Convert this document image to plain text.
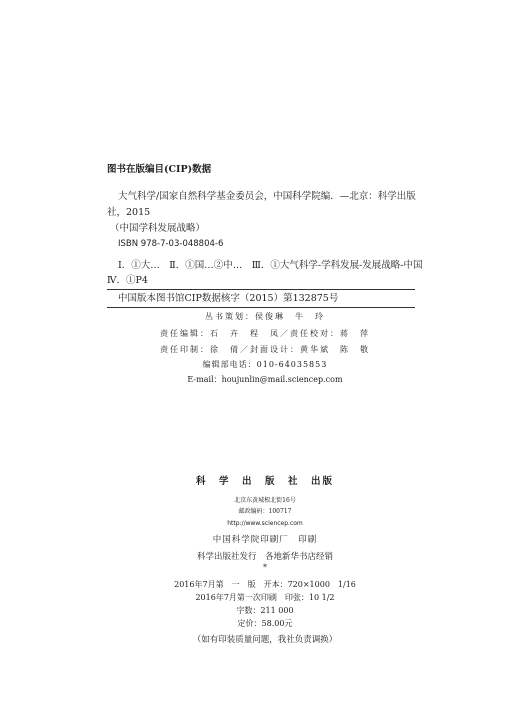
图书在版编目(CIP)数据
大气科学/国家自然科学基金委员会，中国科学院编．—北京：科学出版
社，2015
（中国学科发展战略）
ISBN 978-7-03-048804-6
Ⅰ．①大…　Ⅱ．①国…②中…　Ⅲ．①大气科学-学科发展-发展战略-中国
Ⅳ．①P4
中国版本图书馆CIP数据核字（2015）第132875号
丛书策划：侯俊琳　牛　玲
责任编辑：石　卉　程　凤／责任校对：蒋　萍
责任印制：徐　倩／封面设计：黄华斌　陈　敬
编辑部电话：010-64035853
E-mail：houjunlin@mail.sciencep.com
科　学　出　版　社　出版
北京东黄城根北街16号
邮政编码：100717
http://www.sciencep.com
中国科学院印刷厂　印刷
科学出版社发行　各地新华书店经销
*
2016年7月第　一　版　开本：720×1000　1/16
2016年7月第一次印刷　印张：10 1/2
字数：211 000
定价：58.00元
（如有印装质量问题，我社负责调换）
